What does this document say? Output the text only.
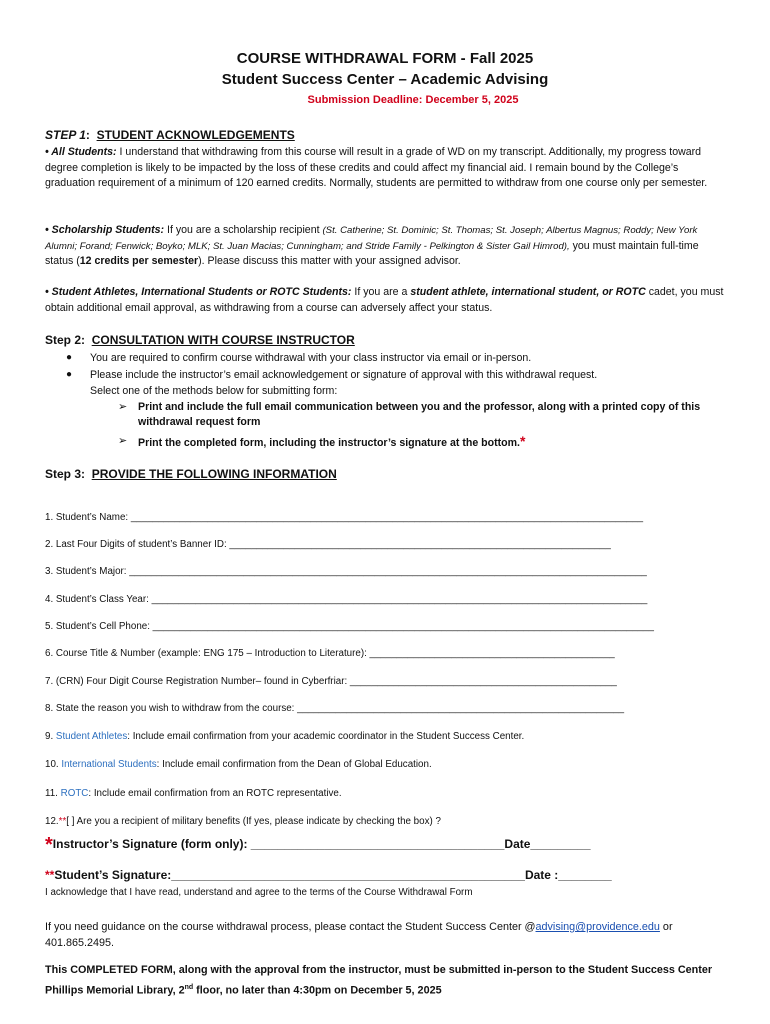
COURSE WITHDRAWAL FORM - Fall 2025
Student Success Center – Academic Advising
Submission Deadline: December 5, 2025
STEP 1: STUDENT ACKNOWLEDGEMENTS
• All Students: I understand that withdrawing from this course will result in a grade of WD on my transcript. Additionally, my progress toward degree completion is likely to be impacted by the loss of these credits and could affect my financial aid. I remain bound by the College’s graduation requirement of a minimum of 120 earned credits. Normally, students are permitted to withdraw from one course only per semester.
• Scholarship Students: If you are a scholarship recipient (St. Catherine; St. Dominic; St. Thomas; St. Joseph; Albertus Magnus; Roddy; New York Alumni; Forand; Fenwick; Boyko; MLK; St. Juan Macias; Cunningham; and Stride Family - Pelkington & Sister Gail Himrod), you must maintain full-time status (12 credits per semester). Please discuss this matter with your assigned advisor.
• Student Athletes, International Students or ROTC Students: If you are a student athlete, international student, or ROTC cadet, you must obtain additional email approval, as withdrawing from a course can adversely affect your status.
Step 2: CONSULTATION WITH COURSE INSTRUCTOR
● You are required to confirm course withdrawal with your class instructor via email or in-person.
● Please include the instructor’s email acknowledgement or signature of approval with this withdrawal request.
Select one of the methods below for submitting form:
➢ Print and include the full email communication between you and the professor, along with a printed copy of this withdrawal request form
➢ Print the completed form, including the instructor’s signature at the bottom.*
Step 3: PROVIDE THE FOLLOWING INFORMATION
1. Student’s Name: ______________________________________________________________________________________________
2. Last Four Digits of student’s Banner ID: ______________________________________________________________________
3. Student’s Major: _______________________________________________________________________________________________
4. Student’s Class Year: ___________________________________________________________________________________________
5. Student’s Cell Phone: ____________________________________________________________________________________________
6. Course Title & Number (example: ENG 175 – Introduction to Literature): _____________________________________________
7. (CRN) Four Digit Course Registration Number– found in Cyberfriar: _________________________________________________
8. State the reason you wish to withdraw from the course: ____________________________________________________________
9. Student Athletes: Include email confirmation from your academic coordinator in the Student Success Center.
10. International Students: Include email confirmation from the Dean of Global Education.
11. ROTC: Include email confirmation from an ROTC representative.
12.**[ ] Are you a recipient of military benefits (If yes, please indicate by checking the box) ?
*Instructor’s Signature (form only): ______________________________________Date_________
**Student’s Signature:_____________________________________________________Date :________
I acknowledge that I have read, understand and agree to the terms of the Course Withdrawal Form
If you need guidance on the course withdrawal process, please contact the Student Success Center @advising@providence.edu or 401.865.2495.
This COMPLETED FORM, along with the approval from the instructor, must be submitted in-person to the Student Success Center Phillips Memorial Library, 2nd floor, no later than 4:30pm on December 5, 2025
